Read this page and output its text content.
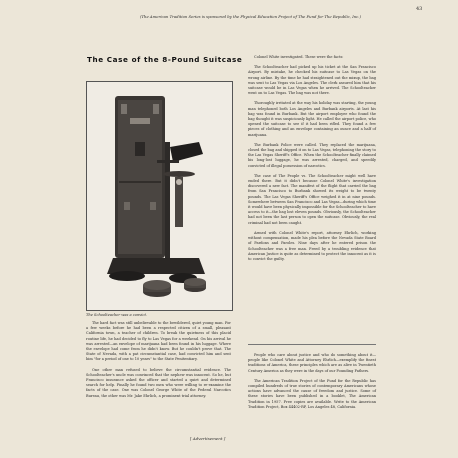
43
(The American Tradition Series is sponsored by the Physical Education Project of The Fund for The Republic, Inc.)
The Case of the 8-Pound Suitcase
The Schoolteacher was a convict.

The hard fact was still unbelievable to the bewildered, quiet young man. For a few weeks before he had been a respected citizen of a small, pleasant California town, a teacher of children. To break the quietness of this placid routine life, he had decided to fly to Las Vegas for a weekend. On his arrival he was arrested—an envelope of marijuana had been found in his luggage. Where the envelope had come from he didn't know. But he couldn't prove that. The State of Nevada, with a pat circumstantial case, had convicted him and sent him "for a period of one to 10 years" to the State Penitentiary.

One other man refused to believe the circumstantial evidence. The Schoolteacher's uncle was convinced that the nephew was innocent. So he, but Francisco insurance asked the officer and started a quiet and determined search for help. Finally he found two men who were willing to re-examine the facts of the case. One was Colonel George White of the Federal Narcotics Bureau, the other was Mr. Jake Ehrlich, a prominent trial attorney.

Colonel White investigated. These were the facts:

The Schoolteacher had picked up his ticket at the San Francisco Airport. By mistake, he checked his suitcase to Las Vegas on the wrong airline. By the time he had straightened out the mixup, the bag was sent to Las Vegas via Los Angeles. The clerk assured him that his suitcase would be in Las Vegas when he arrived. The Schoolteacher went on to Las Vegas. The bag was not there.

Thoroughly irritated at the way his holiday was starting, the young man telephoned both Los Angeles and Burbank airports. At last his bag was found in Burbank. But the airport employee who found the bag thought it was suspiciously light. He called the airport police, who opened the suitcase to see if it had been rifled. They found a few pieces of clothing and an envelope containing an ounce and a half of marijuana.

The Burbank Police were called. They replaced the marijuana, closed the bag and shipped it on to Las Vegas, telephoning the story to the Las Vegas Sheriff's Office. When the Schoolteacher finally claimed his long-lost luggage, he was arrested, charged, and speedily convicted of illegal possession of narcotics.

The case of The People vs. The Schoolteacher might well have ended there. But it didn't because Colonel White's investigation discovered a new fact. The manifest of the flight that carried the bag from San Francisco to Burbank showed its weight to be twenty pounds. The Las Vegas Sheriff's Office weighed it in at nine pounds. Somewhere between San Francisco and Las Vegas—during which time it would have been physically impossible for the Schoolteacher to have access to it—the bag lost eleven pounds. Obviously, the Schoolteacher had not been the last person to open the suitcase. Obviously, the real criminal had not been caught.

Armed with Colonel White's report, attorney Ehrlich, working without compensation, made his plea before the Nevada State Board of Pardons and Paroles. Nine days after he entered prison the Schoolteacher was a free man. Freed by a troubling evidence that American Justice is quite as determined to protect the innocent as it is to convict the guilty.

People who care about justice and who do something about it—people like Colonel White and Attorney Ehrlich—exemplify the finest traditions of America, these principles which are as alive in Twentieth Century America as they were in the days of our Founding Fathers.

The American Tradition Project of the Fund for the Republic has compiled hundreds of true stories of contemporary Americans whose actions have advanced the cause of freedom and justice. Some of these stories have been published in a booklet, The American Tradition in 1957. Free copies are available. Write to the American Tradition Project, Box 44402-RP, Los Angeles 48, California.

[ Advertisement ]
